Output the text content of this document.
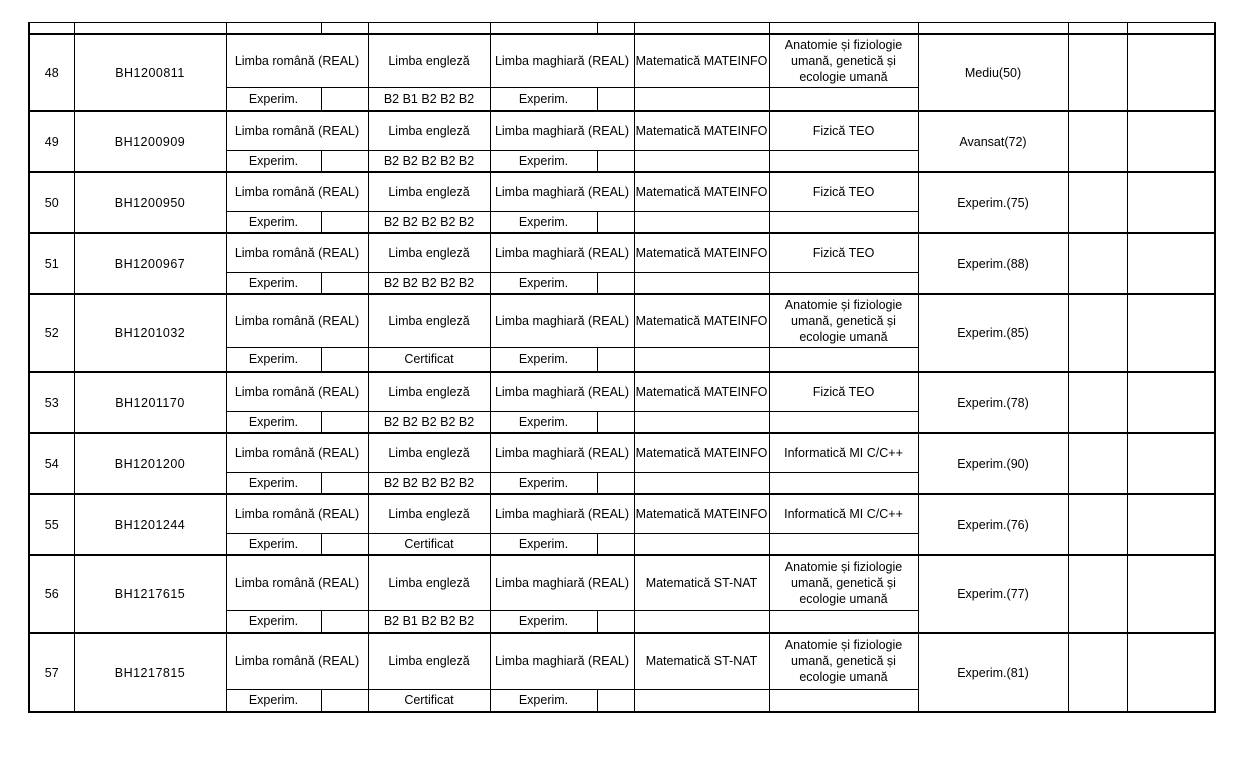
48	BH1200811	Limba română (REAL)		Limba engleză	Limba maghiară (REAL)		Matematică MATEINFO	Anatomie și fiziologie umană, genetică și ecologie umană	Mediu(50)		
		Experim.		B2 B1 B2 B2 B2	Experim.						
49	BH1200909	Limba română (REAL)		Limba engleză	Limba maghiară (REAL)		Matematică MATEINFO	Fizică TEO	Avansat(72)		
		Experim.		B2 B2 B2 B2 B2	Experim.						
50	BH1200950	Limba română (REAL)		Limba engleză	Limba maghiară (REAL)		Matematică MATEINFO	Fizică TEO	Experim.(75)		
		Experim.		B2 B2 B2 B2 B2	Experim.						
51	BH1200967	Limba română (REAL)		Limba engleză	Limba maghiară (REAL)		Matematică MATEINFO	Fizică TEO	Experim.(88)		
		Experim.		B2 B2 B2 B2 B2	Experim.						
52	BH1201032	Limba română (REAL)		Limba engleză	Limba maghiară (REAL)		Matematică MATEINFO	Anatomie și fiziologie umană, genetică și ecologie umană	Experim.(85)		
		Experim.		Certificat	Experim.						
53	BH1201170	Limba română (REAL)		Limba engleză	Limba maghiară (REAL)		Matematică MATEINFO	Fizică TEO	Experim.(78)		
		Experim.		B2 B2 B2 B2 B2	Experim.						
54	BH1201200	Limba română (REAL)		Limba engleză	Limba maghiară (REAL)		Matematică MATEINFO	Informatică MI C/C++	Experim.(90)		
		Experim.		B2 B2 B2 B2 B2	Experim.						
55	BH1201244	Limba română (REAL)		Limba engleză	Limba maghiară (REAL)		Matematică MATEINFO	Informatică MI C/C++	Experim.(76)		
		Experim.		Certificat	Experim.						
56	BH1217615	Limba română (REAL)		Limba engleză	Limba maghiară (REAL)		Matematică ST-NAT	Anatomie și fiziologie umană, genetică și ecologie umană	Experim.(77)		
		Experim.		B2 B1 B2 B2 B2	Experim.						
57	BH1217815	Limba română (REAL)		Limba engleză	Limba maghiară (REAL)		Matematică ST-NAT	Anatomie și fiziologie umană, genetică și ecologie umană	Experim.(81)		
		Experim.		Certificat	Experim.						
